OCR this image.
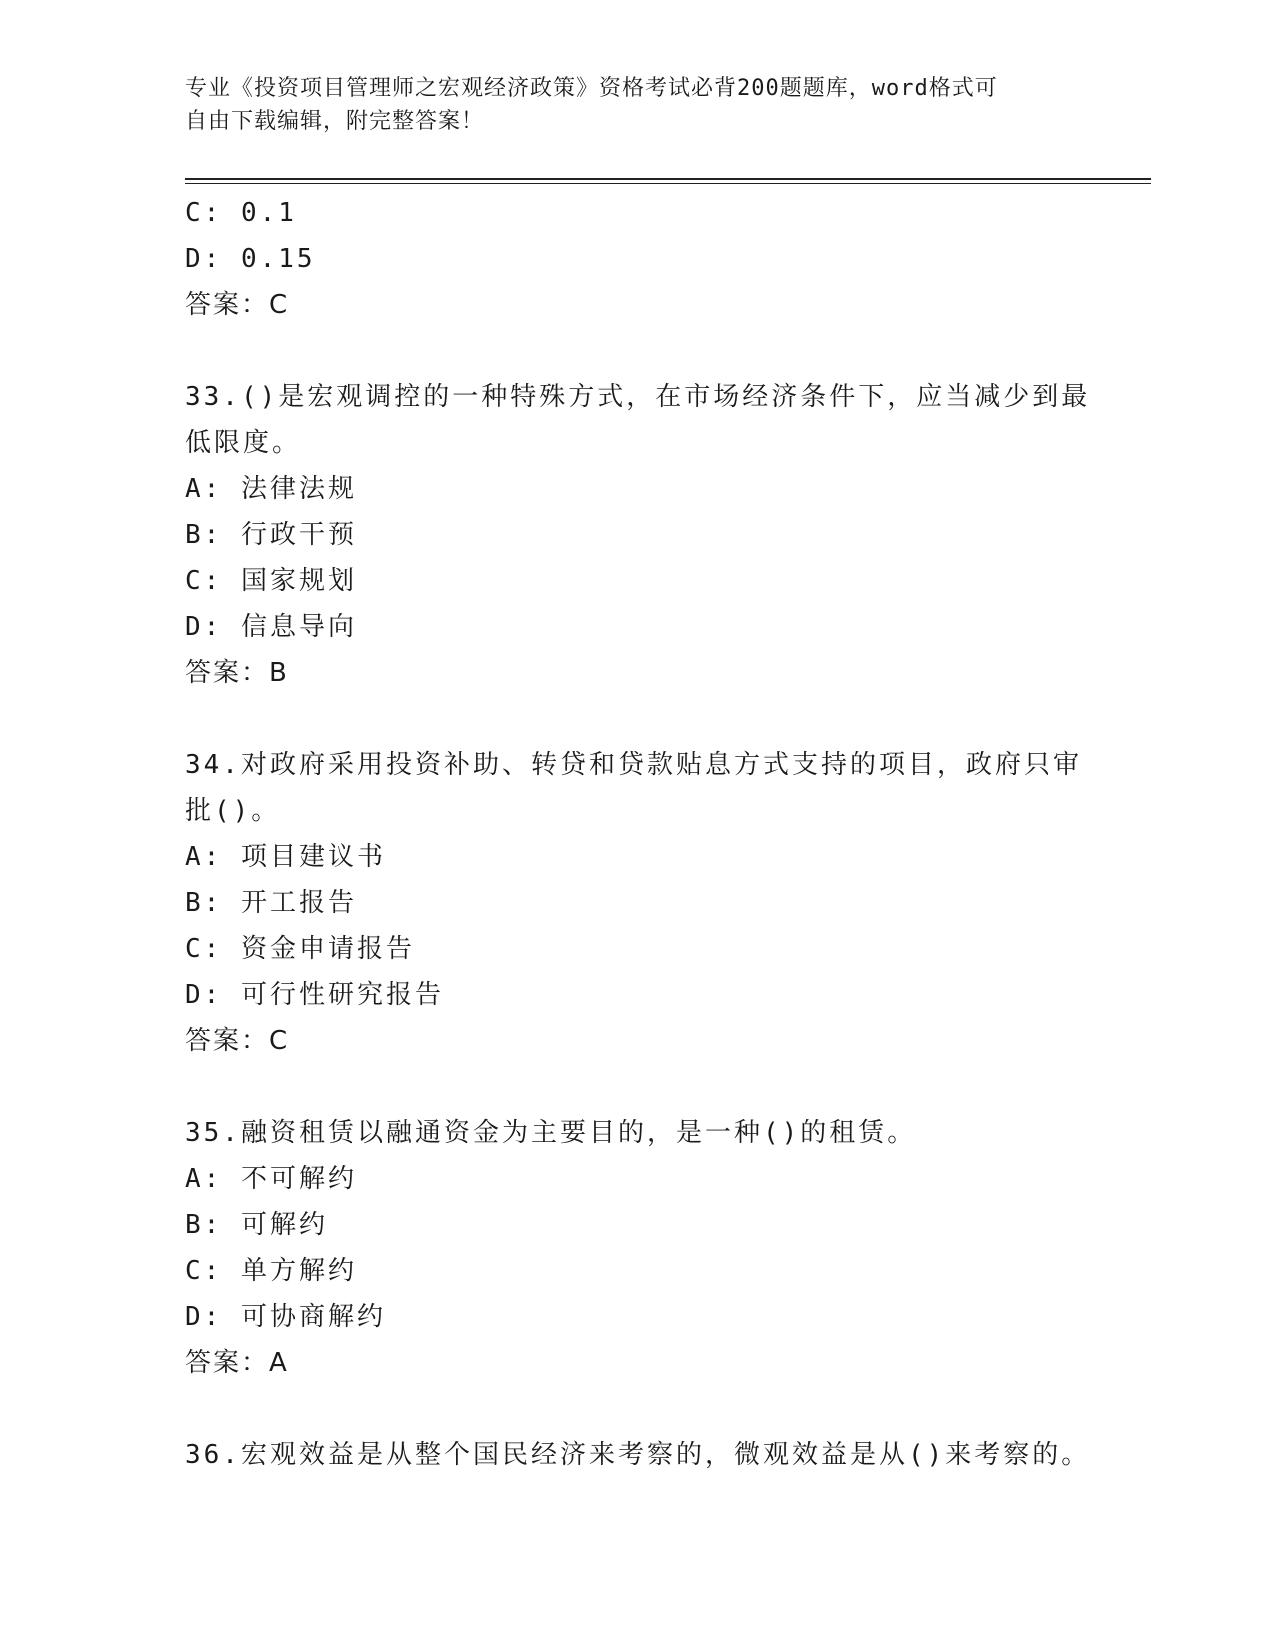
专业《投资项目管理师之宏观经济政策》资格考试必背200题题库，word格式可
自由下载编辑，附完整答案！
C: 0.1
D: 0.15
答案：C
33.()是宏观调控的一种特殊方式，在市场经济条件下，应当减少到最
低限度。
A: 法律法规
B: 行政干预
C: 国家规划
D: 信息导向
答案：B
34.对政府采用投资补助、转贷和贷款贴息方式支持的项目，政府只审
批()。
A: 项目建议书
B: 开工报告
C: 资金申请报告
D: 可行性研究报告
答案：C
35.融资租赁以融通资金为主要目的，是一种()的租赁。
A: 不可解约
B: 可解约
C: 单方解约
D: 可协商解约
答案：A
36.宏观效益是从整个国民经济来考察的，微观效益是从()来考察的。
